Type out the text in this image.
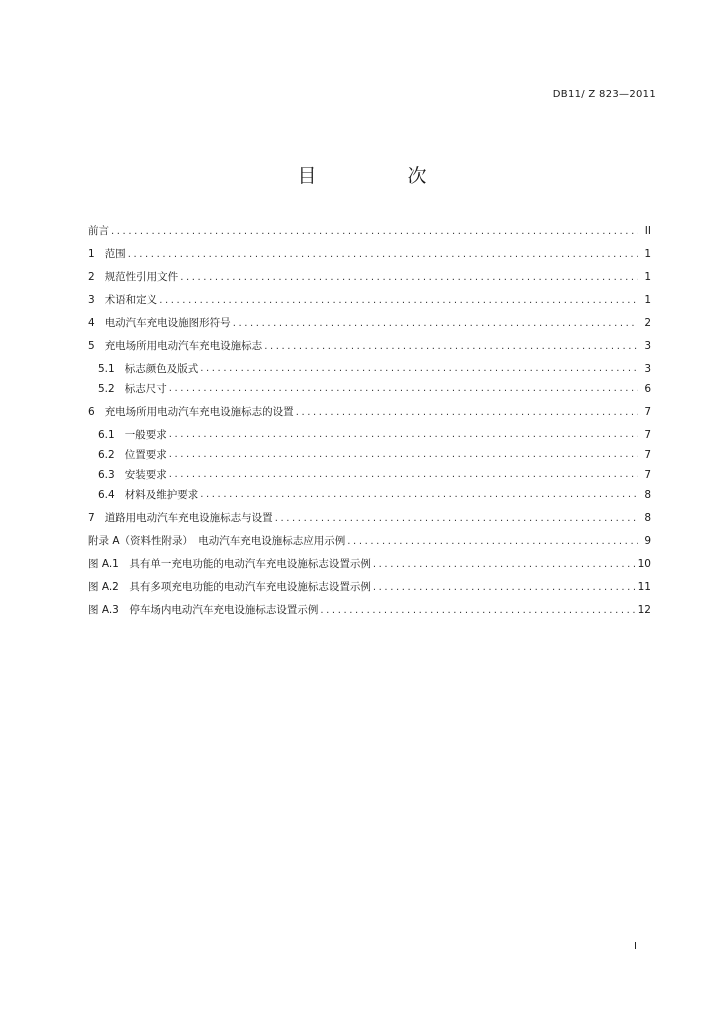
DB11/ Z 823—2011
目　次
前言 .....	II
1 范围 .....	1
2 规范性引用文件 .....	1
3 术语和定义 .....	1
4 电动汽车充电设施图形符号 .....	2
5 充电场所用电动汽车充电设施标志 .....	3
5.1 标志颜色及版式 .....	3
5.2 标志尺寸 .....	6
6 充电场所用电动汽车充电设施标志的设置 .....	7
6.1 一般要求 .....	7
6.2 位置要求 .....	7
6.3 安装要求 .....	7
6.4 材料及维护要求 .....	8
7 道路用电动汽车充电设施标志与设置 .....	8
附录 A（资料性附录）　电动汽车充电设施标志应用示例 .....	9
图 A.1　具有单一充电功能的电动汽车充电设施标志设置示例 .....	10
图 A.2　具有多项充电功能的电动汽车充电设施标志设置示例 .....	11
图 A.3　停车场内电动汽车充电设施标志设置示例 .....	12
I
